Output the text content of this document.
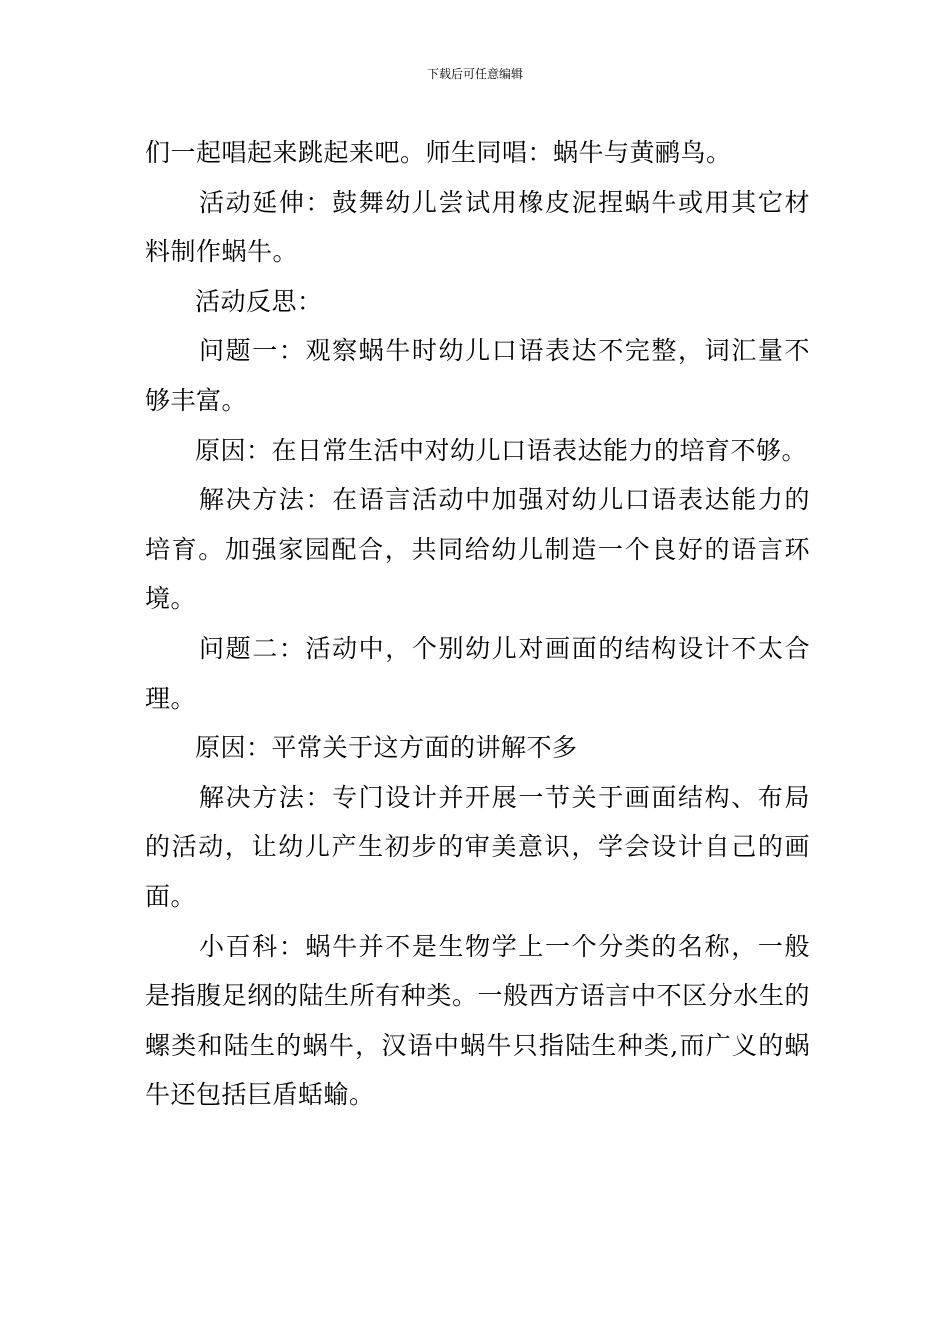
下载后可任意编辑

们一起唱起来跳起来吧。师生同唱：蜗牛与黄鹂鸟。

活动延伸：鼓舞幼儿尝试用橡皮泥捏蜗牛或用其它材料制作蜗牛。

活动反思：

问题一：观察蜗牛时幼儿口语表达不完整，词汇量不够丰富。

原因：在日常生活中对幼儿口语表达能力的培育不够。

解决方法：在语言活动中加强对幼儿口语表达能力的培育。加强家园配合，共同给幼儿制造一个良好的语言环境。

问题二：活动中，个别幼儿对画面的结构设计不太合理。

原因：平常关于这方面的讲解不多

解决方法：专门设计并开展一节关于画面结构、布局的活动，让幼儿产生初步的审美意识，学会设计自己的画面。

小百科：蜗牛并不是生物学上一个分类的名称，一般是指腹足纲的陆生所有种类。一般西方语言中不区分水生的螺类和陆生的蜗牛，汉语中蜗牛只指陆生种类,而广义的蜗牛还包括巨盾蛞蝓。
